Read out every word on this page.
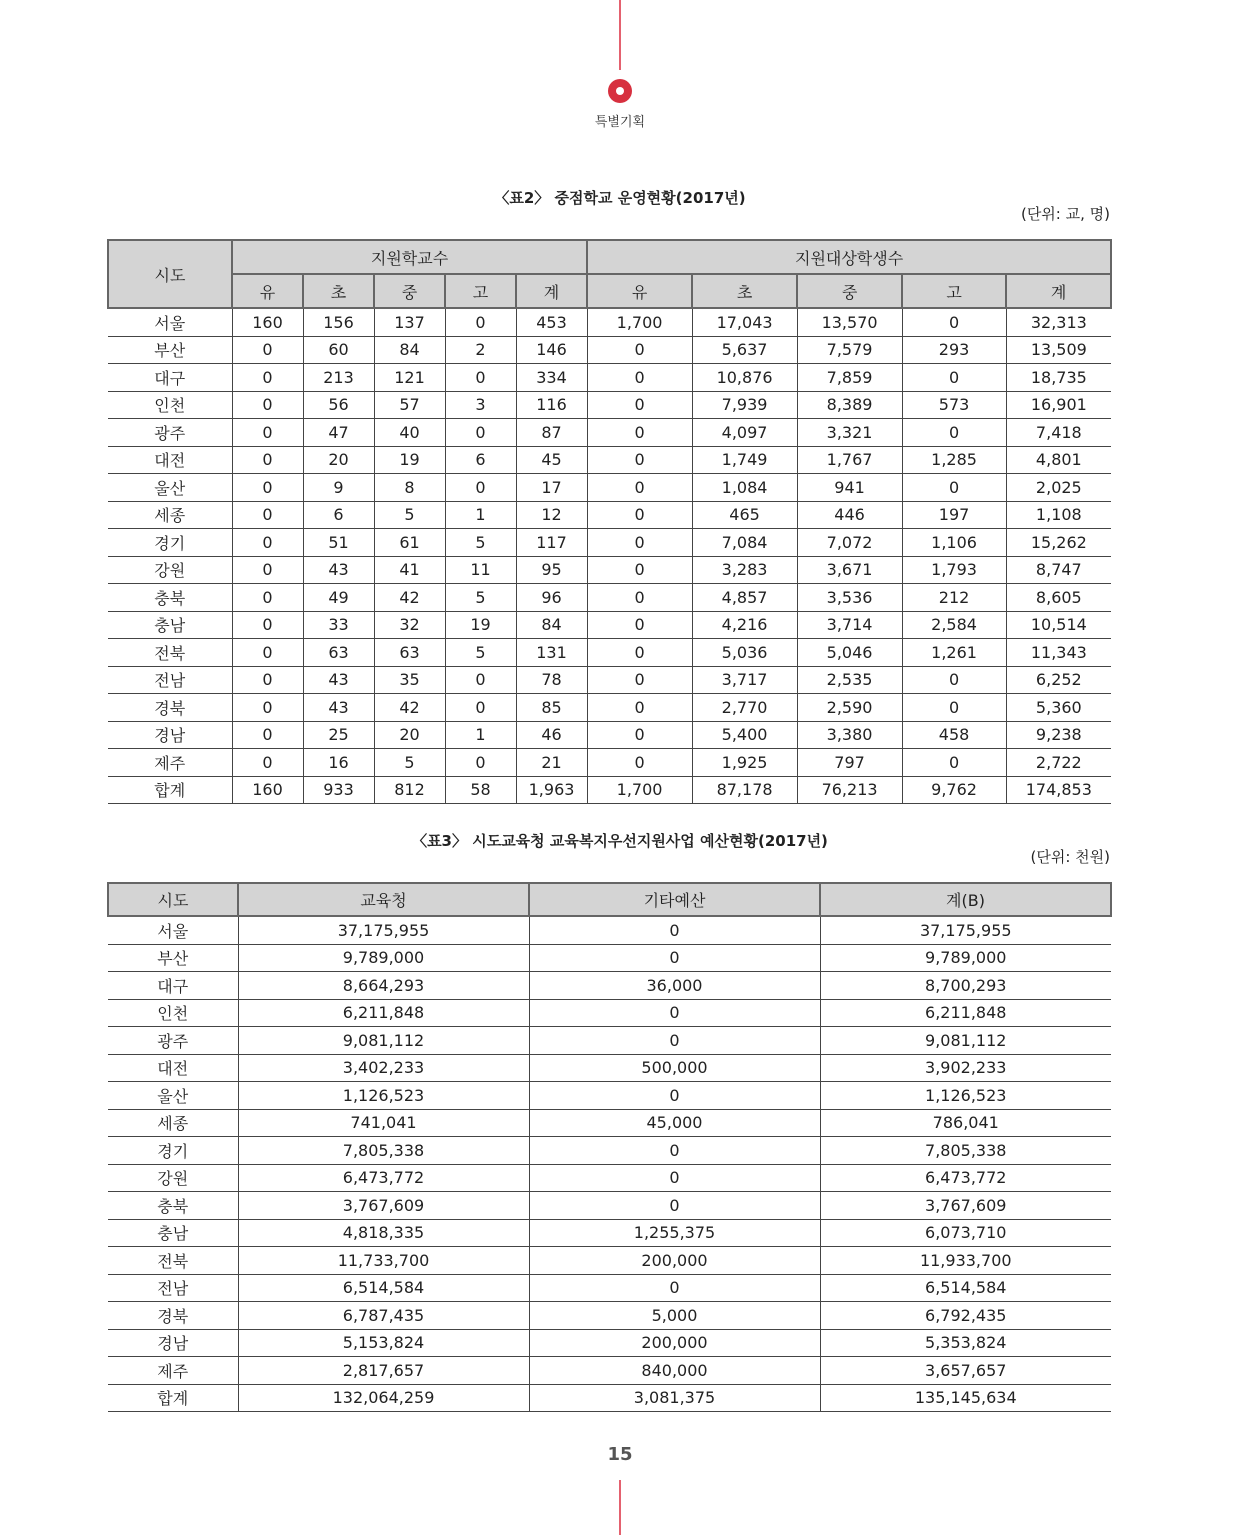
특별기획
〈표2〉 중점학교 운영현황(2017년)
(단위: 교, 명)
시도	지원학교수					지원대상학생수				
	유	초	중	고	계	유	초	중	고	계
서울	160	156	137	0	453	1,700	17,043	13,570	0	32,313
부산	0	60	84	2	146	0	5,637	7,579	293	13,509
대구	0	213	121	0	334	0	10,876	7,859	0	18,735
인천	0	56	57	3	116	0	7,939	8,389	573	16,901
광주	0	47	40	0	87	0	4,097	3,321	0	7,418
대전	0	20	19	6	45	0	1,749	1,767	1,285	4,801
울산	0	9	8	0	17	0	1,084	941	0	2,025
세종	0	6	5	1	12	0	465	446	197	1,108
경기	0	51	61	5	117	0	7,084	7,072	1,106	15,262
강원	0	43	41	11	95	0	3,283	3,671	1,793	8,747
충북	0	49	42	5	96	0	4,857	3,536	212	8,605
충남	0	33	32	19	84	0	4,216	3,714	2,584	10,514
전북	0	63	63	5	131	0	5,036	5,046	1,261	11,343
전남	0	43	35	0	78	0	3,717	2,535	0	6,252
경북	0	43	42	0	85	0	2,770	2,590	0	5,360
경남	0	25	20	1	46	0	5,400	3,380	458	9,238
제주	0	16	5	0	21	0	1,925	797	0	2,722
합계	160	933	812	58	1,963	1,700	87,178	76,213	9,762	174,853
〈표3〉 시도교육청 교육복지우선지원사업 예산현황(2017년)
(단위: 천원)
시도	교육청	기타예산	계(B)
서울	37,175,955	0	37,175,955
부산	9,789,000	0	9,789,000
대구	8,664,293	36,000	8,700,293
인천	6,211,848	0	6,211,848
광주	9,081,112	0	9,081,112
대전	3,402,233	500,000	3,902,233
울산	1,126,523	0	1,126,523
세종	741,041	45,000	786,041
경기	7,805,338	0	7,805,338
강원	6,473,772	0	6,473,772
충북	3,767,609	0	3,767,609
충남	4,818,335	1,255,375	6,073,710
전북	11,733,700	200,000	11,933,700
전남	6,514,584	0	6,514,584
경북	6,787,435	5,000	6,792,435
경남	5,153,824	200,000	5,353,824
제주	2,817,657	840,000	3,657,657
합계	132,064,259	3,081,375	135,145,634
15
